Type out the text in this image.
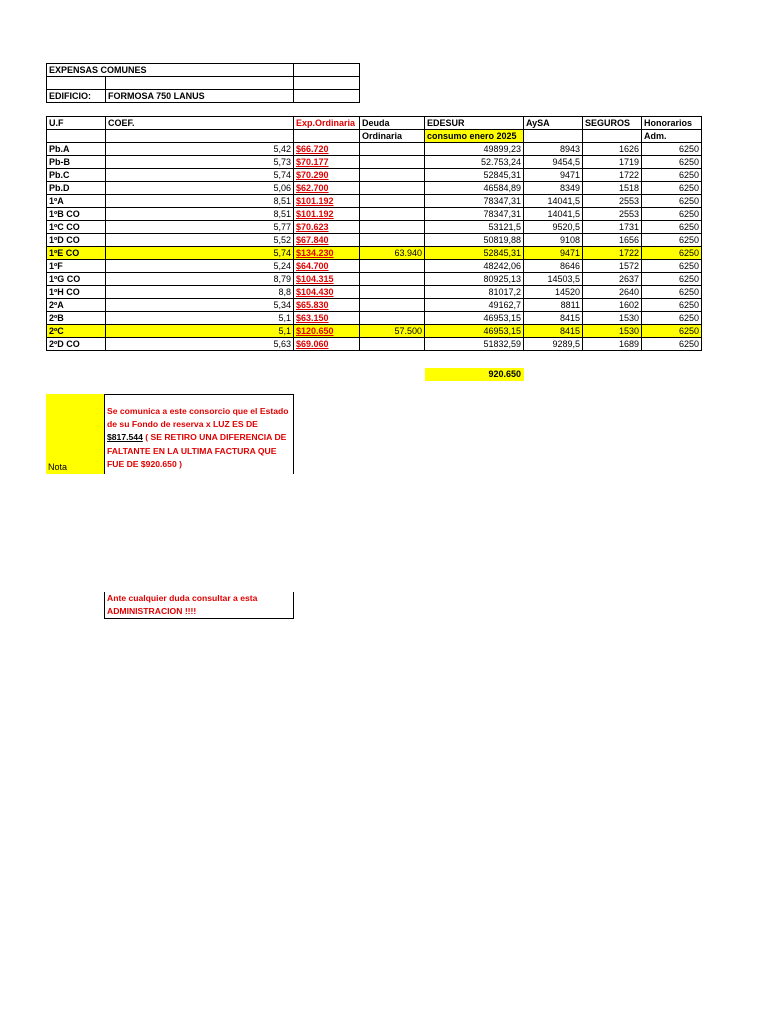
EXPENSAS COMUNES		

EDIFICIO:	FORMOSA 750 LANUS	
U.F	COEF.	Exp.Ordinaria	Deuda	EDESUR	AySA	SEGUROS	Honorarios
			Ordinaria	consumo enero 2025			Adm.
Pb.A	5,42	$66.720		49899,23	8943	1626	6250
Pb-B	5,73	$70.177		52.753,24	9454,5	1719	6250
Pb.C	5,74	$70.290		52845,31	9471	1722	6250
Pb.D	5,06	$62.700		46584,89	8349	1518	6250
1ºA	8,51	$101.192		78347,31	14041,5	2553	6250
1ºB CO	8,51	$101.192		78347,31	14041,5	2553	6250
1ºC CO	5,77	$70.623		53121,5	9520,5	1731	6250
1ºD CO	5,52	$67.840		50819,88	9108	1656	6250
1ºE CO	5,74	$134.230	63.940	52845,31	9471	1722	6250
1ºF	5,24	$64.700		48242,06	8646	1572	6250
1ºG CO	8,79	$104.315		80925,13	14503,5	2637	6250
1ºH CO	8,8	$104.430		81017,2	14520	2640	6250
2ºA	5,34	$65.830		49162,7	8811	1602	6250
2ºB	5,1	$63.150		46953,15	8415	1530	6250
2ºC	5,1	$120.650	57.500	46953,15	8415	1530	6250
2ºD CO	5,63	$69.060		51832,59	9289,5	1689	6250
920.650
Nota
Se comunica a este consorcio que el Estado de su Fondo de reserva x LUZ ES DE $817.544 ( SE RETIRO UNA DIFERENCIA DE FALTANTE EN LA ULTIMA FACTURA QUE FUE DE $920.650 )
Ante cualquier duda consultar a esta ADMINISTRACION !!!!
